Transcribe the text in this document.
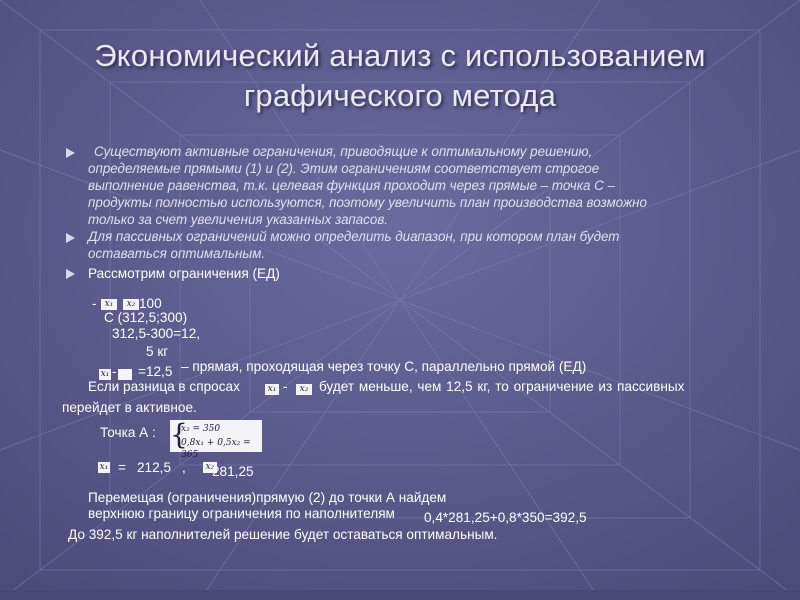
Экономический анализ с использованием
графического метода
Существуют активные ограничения, приводящие к оптимальному решению,
определяемые прямыми (1) и (2). Этим ограничениям соответствует строгое
выполнение равенства, т.к. целевая функция проходит через прямые – точка С –
продукты полностью используются, поэтому увеличить план производства возможно
только за счет увеличения указанных запасов.
Для пассивных ограничений можно определить диапазон, при котором план будет
оставаться оптимальным.
Рассмотрим ограничения (ЕД)
- x₁	x₂ 100
С (312,5;300)
312,5-300=12,
5 кг
x₁ - =12,5 – прямая, проходящая через точку С, параллельно прямой (ЕД)
Если разница в спросах	x₁ -	x₂ будет меньше, чем 12,5 кг, то ограничение из пассивных
перейдет в активное.
Точка А : {
x₂ = 350
0,8x₁ + 0,5x₂ = 365
x₁ = 212,5 , x₂
281,25
Перемещая (ограничения)прямую (2) до точки А найдем
верхнюю границу ограничения по наполнителям 0,4*281,25+0,8*350=392,5
До 392,5 кг наполнителей решение будет оставаться оптимальным.
